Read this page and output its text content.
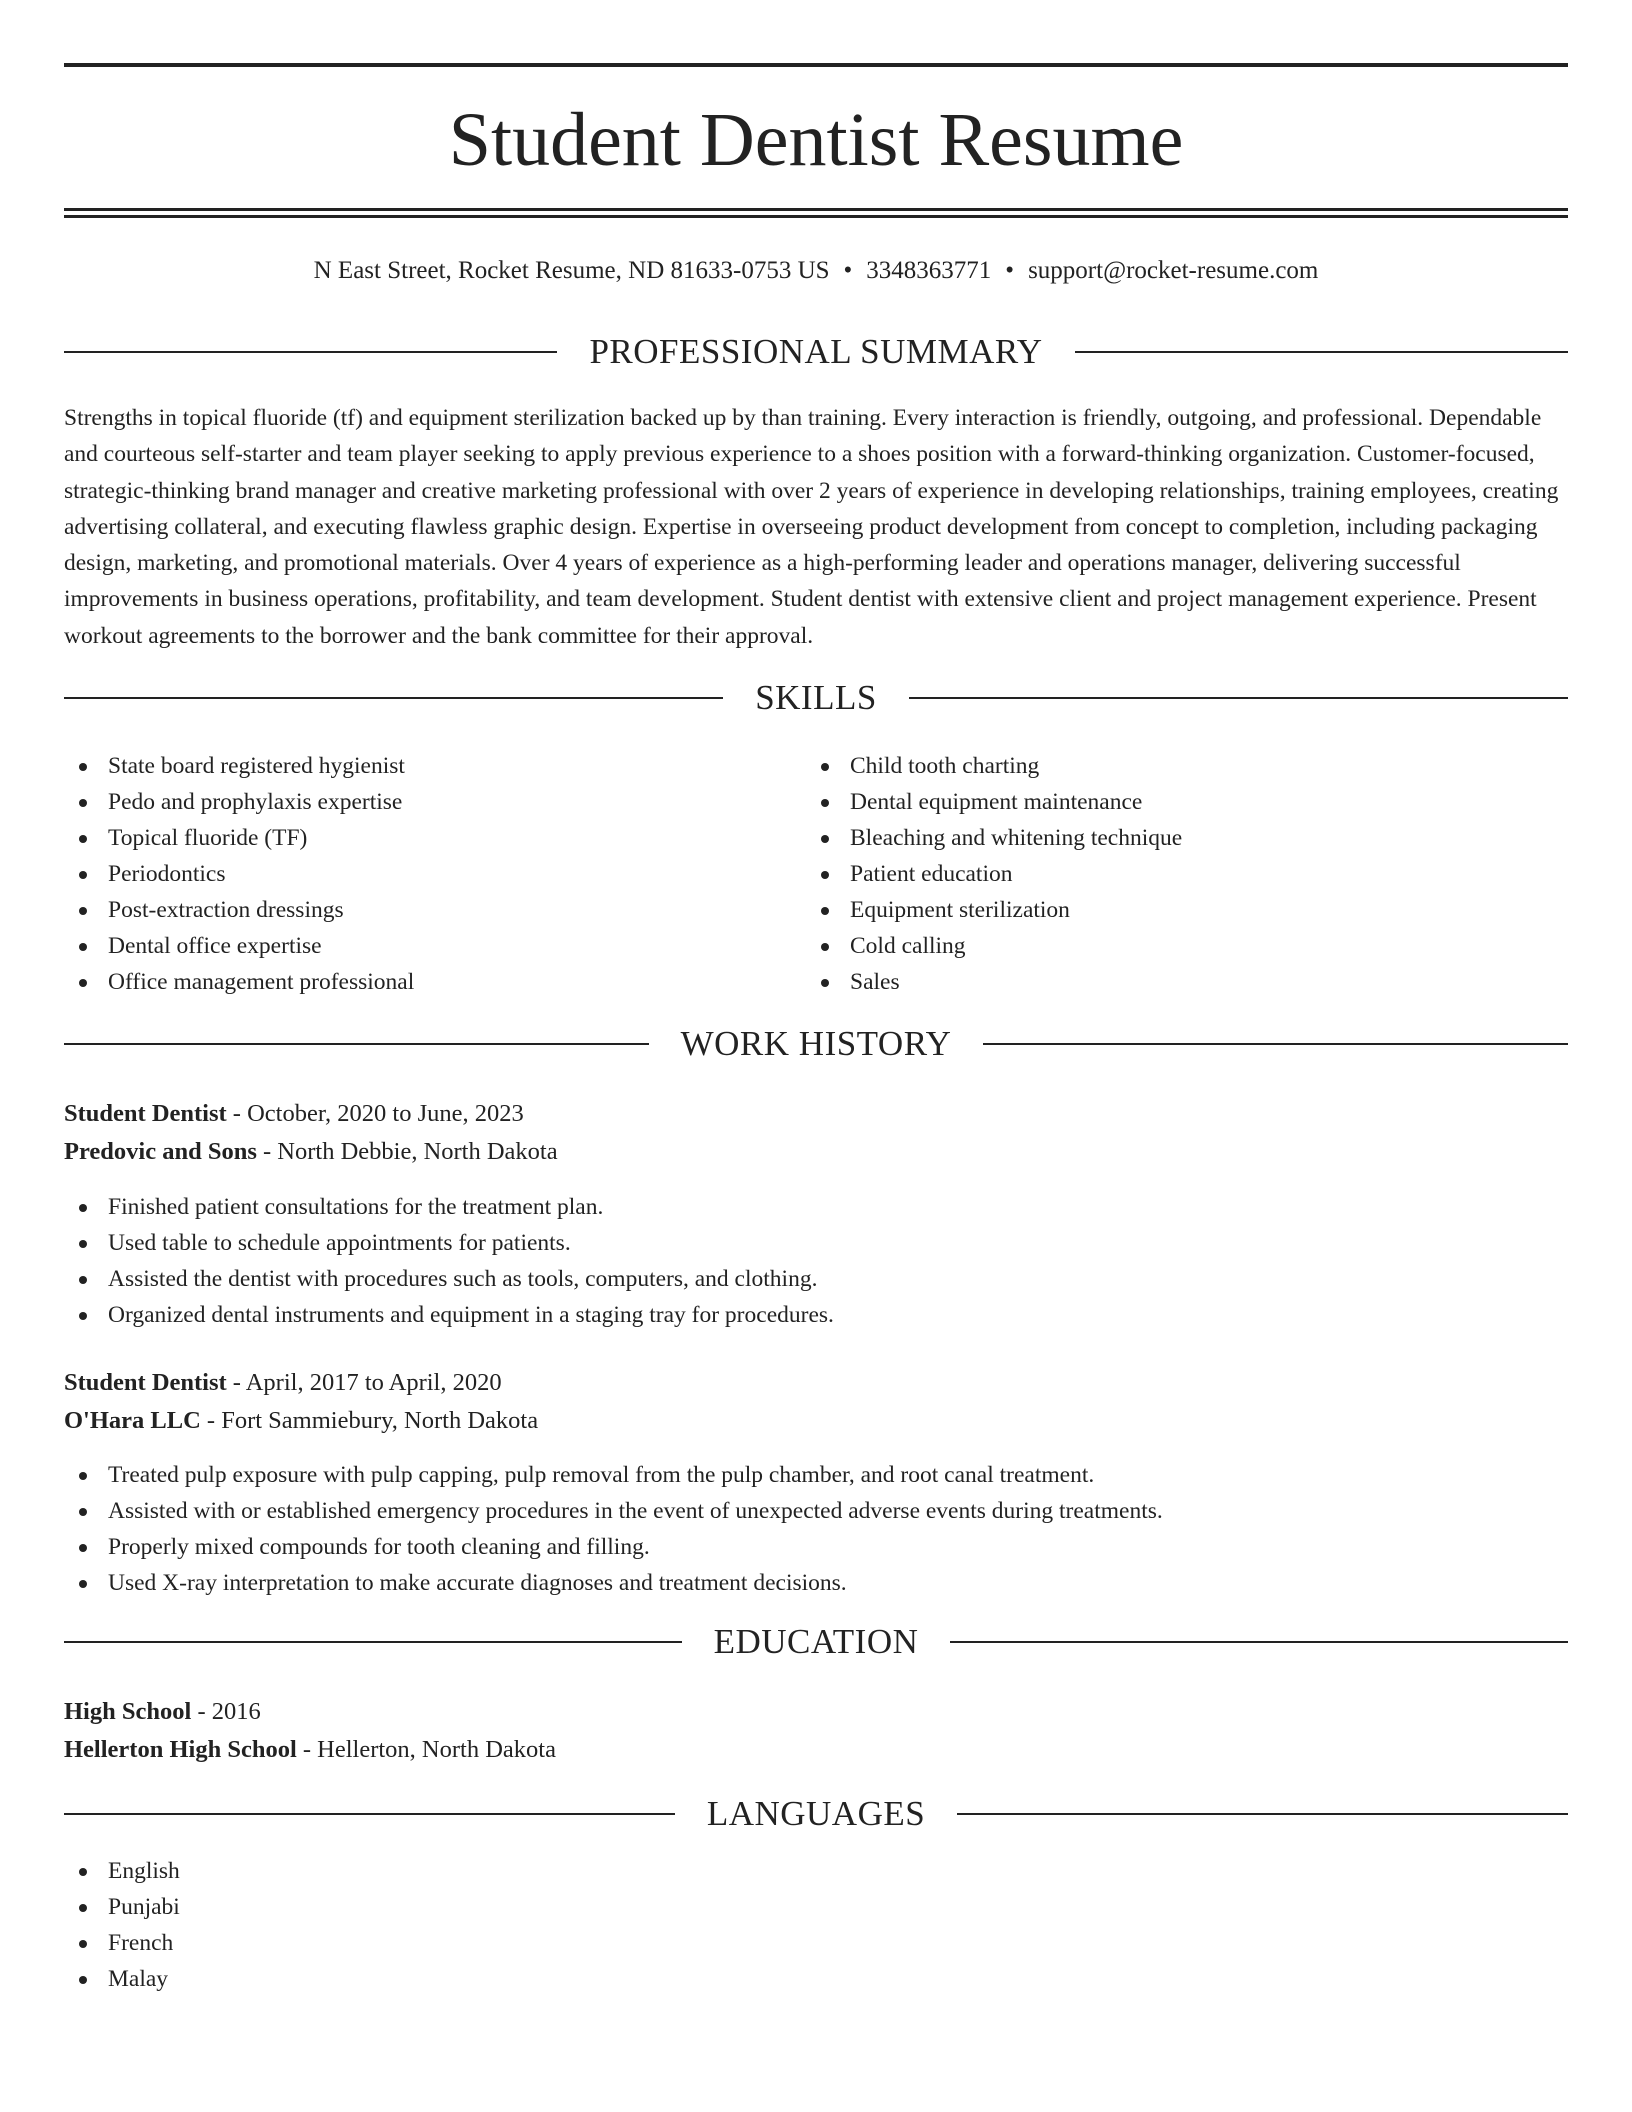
Student Dentist Resume
N East Street, Rocket Resume, ND 81633-0753 US • 3348363771 • support@rocket-resume.com
PROFESSIONAL SUMMARY

Strengths in topical fluoride (tf) and equipment sterilization backed up by than training. Every interaction is friendly, outgoing, and professional. Dependable and courteous self-starter and team player seeking to apply previous experience to a shoes position with a forward-thinking organization. Customer-focused, strategic-thinking brand manager and creative marketing professional with over 2 years of experience in developing relationships, training employees, creating advertising collateral, and executing flawless graphic design. Expertise in overseeing product development from concept to completion, including packaging design, marketing, and promotional materials. Over 4 years of experience as a high-performing leader and operations manager, delivering successful improvements in business operations, profitability, and team development. Student dentist with extensive client and project management experience. Present workout agreements to the borrower and the bank committee for their approval.

SKILLS
State board registered hygienist
Pedo and prophylaxis expertise
Topical fluoride (TF)
Periodontics
Post-extraction dressings
Dental office expertise
Office management professional
Child tooth charting
Dental equipment maintenance
Bleaching and whitening technique
Patient education
Equipment sterilization
Cold calling
Sales
WORK HISTORY
Student Dentist - October, 2020 to June, 2023
Predovic and Sons - North Debbie, North Dakota
Finished patient consultations for the treatment plan.
Used table to schedule appointments for patients.
Assisted the dentist with procedures such as tools, computers, and clothing.
Organized dental instruments and equipment in a staging tray for procedures.
Student Dentist - April, 2017 to April, 2020
O'Hara LLC - Fort Sammiebury, North Dakota
Treated pulp exposure with pulp capping, pulp removal from the pulp chamber, and root canal treatment.
Assisted with or established emergency procedures in the event of unexpected adverse events during treatments.
Properly mixed compounds for tooth cleaning and filling.
Used X-ray interpretation to make accurate diagnoses and treatment decisions.
EDUCATION
High School - 2016
Hellerton High School - Hellerton, North Dakota
LANGUAGES
English
Punjabi
French
Malay
